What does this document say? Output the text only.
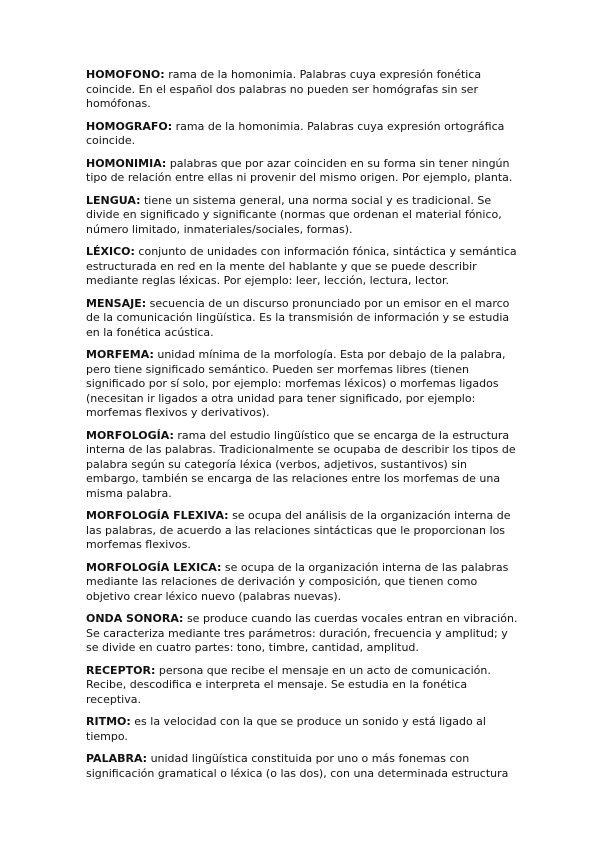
HOMOFONO: rama de la homonimia. Palabras cuya expresión fonética coincide. En el español dos palabras no pueden ser homógrafas sin ser homófonas.

HOMOGRAFO: rama de la homonimia. Palabras cuya expresión ortográfica coincide.

HOMONIMIA: palabras que por azar coinciden en su forma sin tener ningún tipo de relación entre ellas ni provenir del mismo origen. Por ejemplo, planta.

LENGUA: tiene un sistema general, una norma social y es tradicional. Se divide en significado y significante (normas que ordenan el material fónico, número limitado, inmateriales/sociales, formas).

LÉXICO: conjunto de unidades con información fónica, sintáctica y semántica estructurada en red en la mente del hablante y que se puede describir mediante reglas léxicas. Por ejemplo: leer, lección, lectura, lector.

MENSAJE: secuencia de un discurso pronunciado por un emisor en el marco de la comunicación lingüística. Es la transmisión de información y se estudia en la fonética acústica.

MORFEMA: unidad mínima de la morfología. Esta por debajo de la palabra, pero tiene significado semántico. Pueden ser morfemas libres (tienen significado por sí solo, por ejemplo: morfemas léxicos) o morfemas ligados (necesitan ir ligados a otra unidad para tener significado, por ejemplo: morfemas flexivos y derivativos).

MORFOLOGÍA: rama del estudio lingüístico que se encarga de la estructura interna de las palabras. Tradicionalmente se ocupaba de describir los tipos de palabra según su categoría léxica (verbos, adjetivos, sustantivos) sin embargo, también se encarga de las relaciones entre los morfemas de una misma palabra.

MORFOLOGÍA FLEXIVA: se ocupa del análisis de la organización interna de las palabras, de acuerdo a las relaciones sintácticas que le proporcionan los morfemas flexivos.

MORFOLOGÍA LEXICA: se ocupa de la organización interna de las palabras mediante las relaciones de derivación y composición, que tienen como objetivo crear léxico nuevo (palabras nuevas).

ONDA SONORA: se produce cuando las cuerdas vocales entran en vibración. Se caracteriza mediante tres parámetros: duración, frecuencia y amplitud; y se divide en cuatro partes: tono, timbre, cantidad, amplitud.

RECEPTOR: persona que recibe el mensaje en un acto de comunicación. Recibe, descodifica e interpreta el mensaje. Se estudia en la fonética receptiva.

RITMO: es la velocidad con la que se produce un sonido y está ligado al tiempo.

PALABRA: unidad lingüística constituida por uno o más fonemas con significación gramatical o léxica (o las dos), con una determinada estructura
